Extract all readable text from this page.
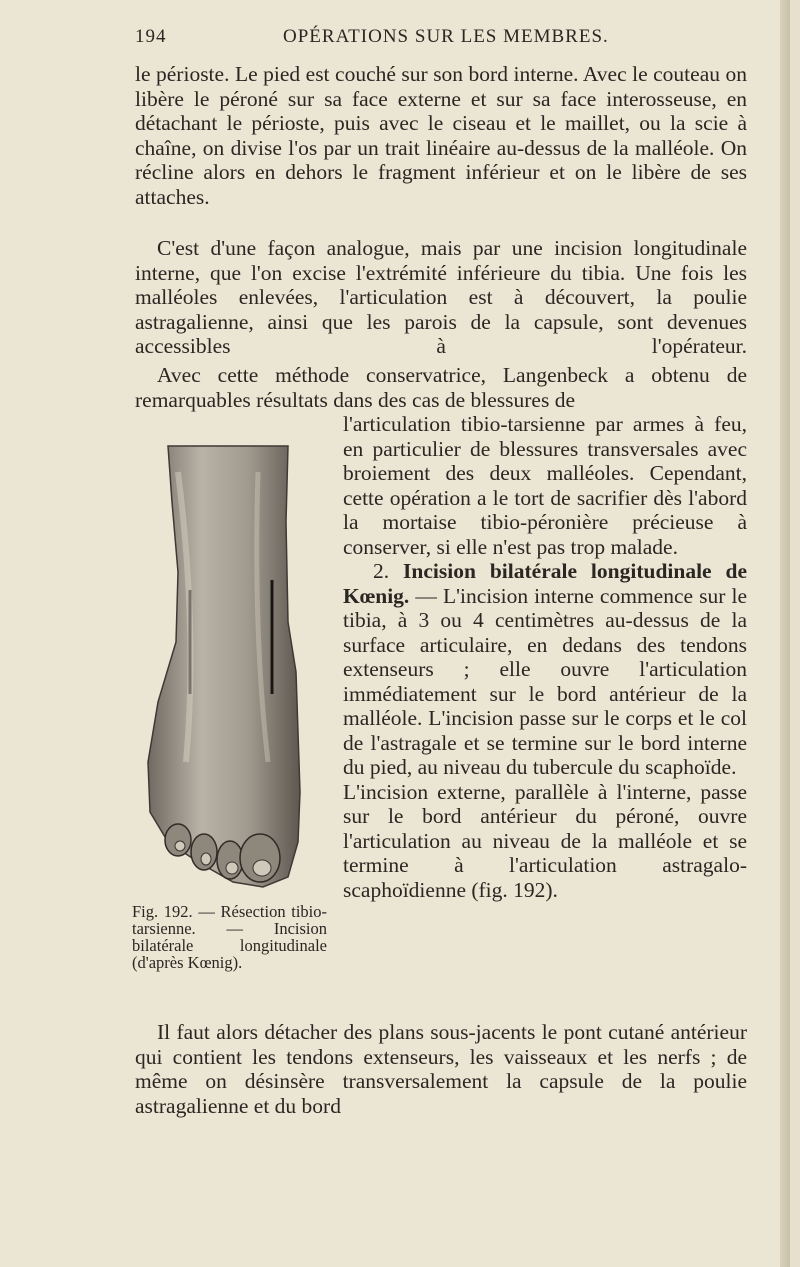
194	OPÉRATIONS SUR LES MEMBRES.
le périoste. Le pied est couché sur son bord interne. Avec le couteau on libère le péroné sur sa face externe et sur sa face interosseuse, en détachant le périoste, puis avec le ciseau et le maillet, ou la scie à chaîne, on divise l'os par un trait linéaire au-dessus de la malléole. On récline alors en dehors le fragment inférieur et on le libère de ses attaches.
C'est d'une façon analogue, mais par une incision longitudinale interne, que l'on excise l'extrémité inférieure du tibia. Une fois les malléoles enlevées, l'articulation est à découvert, la poulie astragalienne, ainsi que les parois de la capsule, sont devenues accessibles à l'opérateur.
Avec cette méthode conservatrice, Langenbeck a obtenu de remarquables résultats dans des cas de blessures de
l'articulation tibio-tarsienne par armes à feu, en particulier de blessures transversales avec broiement des deux malléoles. Cependant, cette opération a le tort de sacrifier dès l'abord la mortaise tibio-péronière précieuse à conserver, si elle n'est pas trop malade.
2. Incision bilatérale longitudinale de Kœnig. — L'incision interne commence sur le tibia, à 3 ou 4 centimètres au-dessus de la surface articulaire, en dedans des tendons extenseurs ; elle ouvre l'articulation immédiatement sur le bord antérieur de la malléole. L'incision passe sur le corps et le col de l'astragale et se termine sur le bord interne du pied, au niveau du tubercule du scaphoïde.
L'incision externe, parallèle à l'interne, passe sur le bord antérieur du péroné, ouvre l'articulation au niveau de la malléole et se termine à l'articulation astragalo-scaphoïdienne (fig. 192).
Fig. 192. — Résection tibio-tarsienne. — Incision bilatérale longitudinale (d'après Kœnig).
Il faut alors détacher des plans sous-jacents le pont cutané antérieur qui contient les tendons extenseurs, les vaisseaux et les nerfs ; de même on désinsère transversalement la capsule de la poulie astragalienne et du bord
